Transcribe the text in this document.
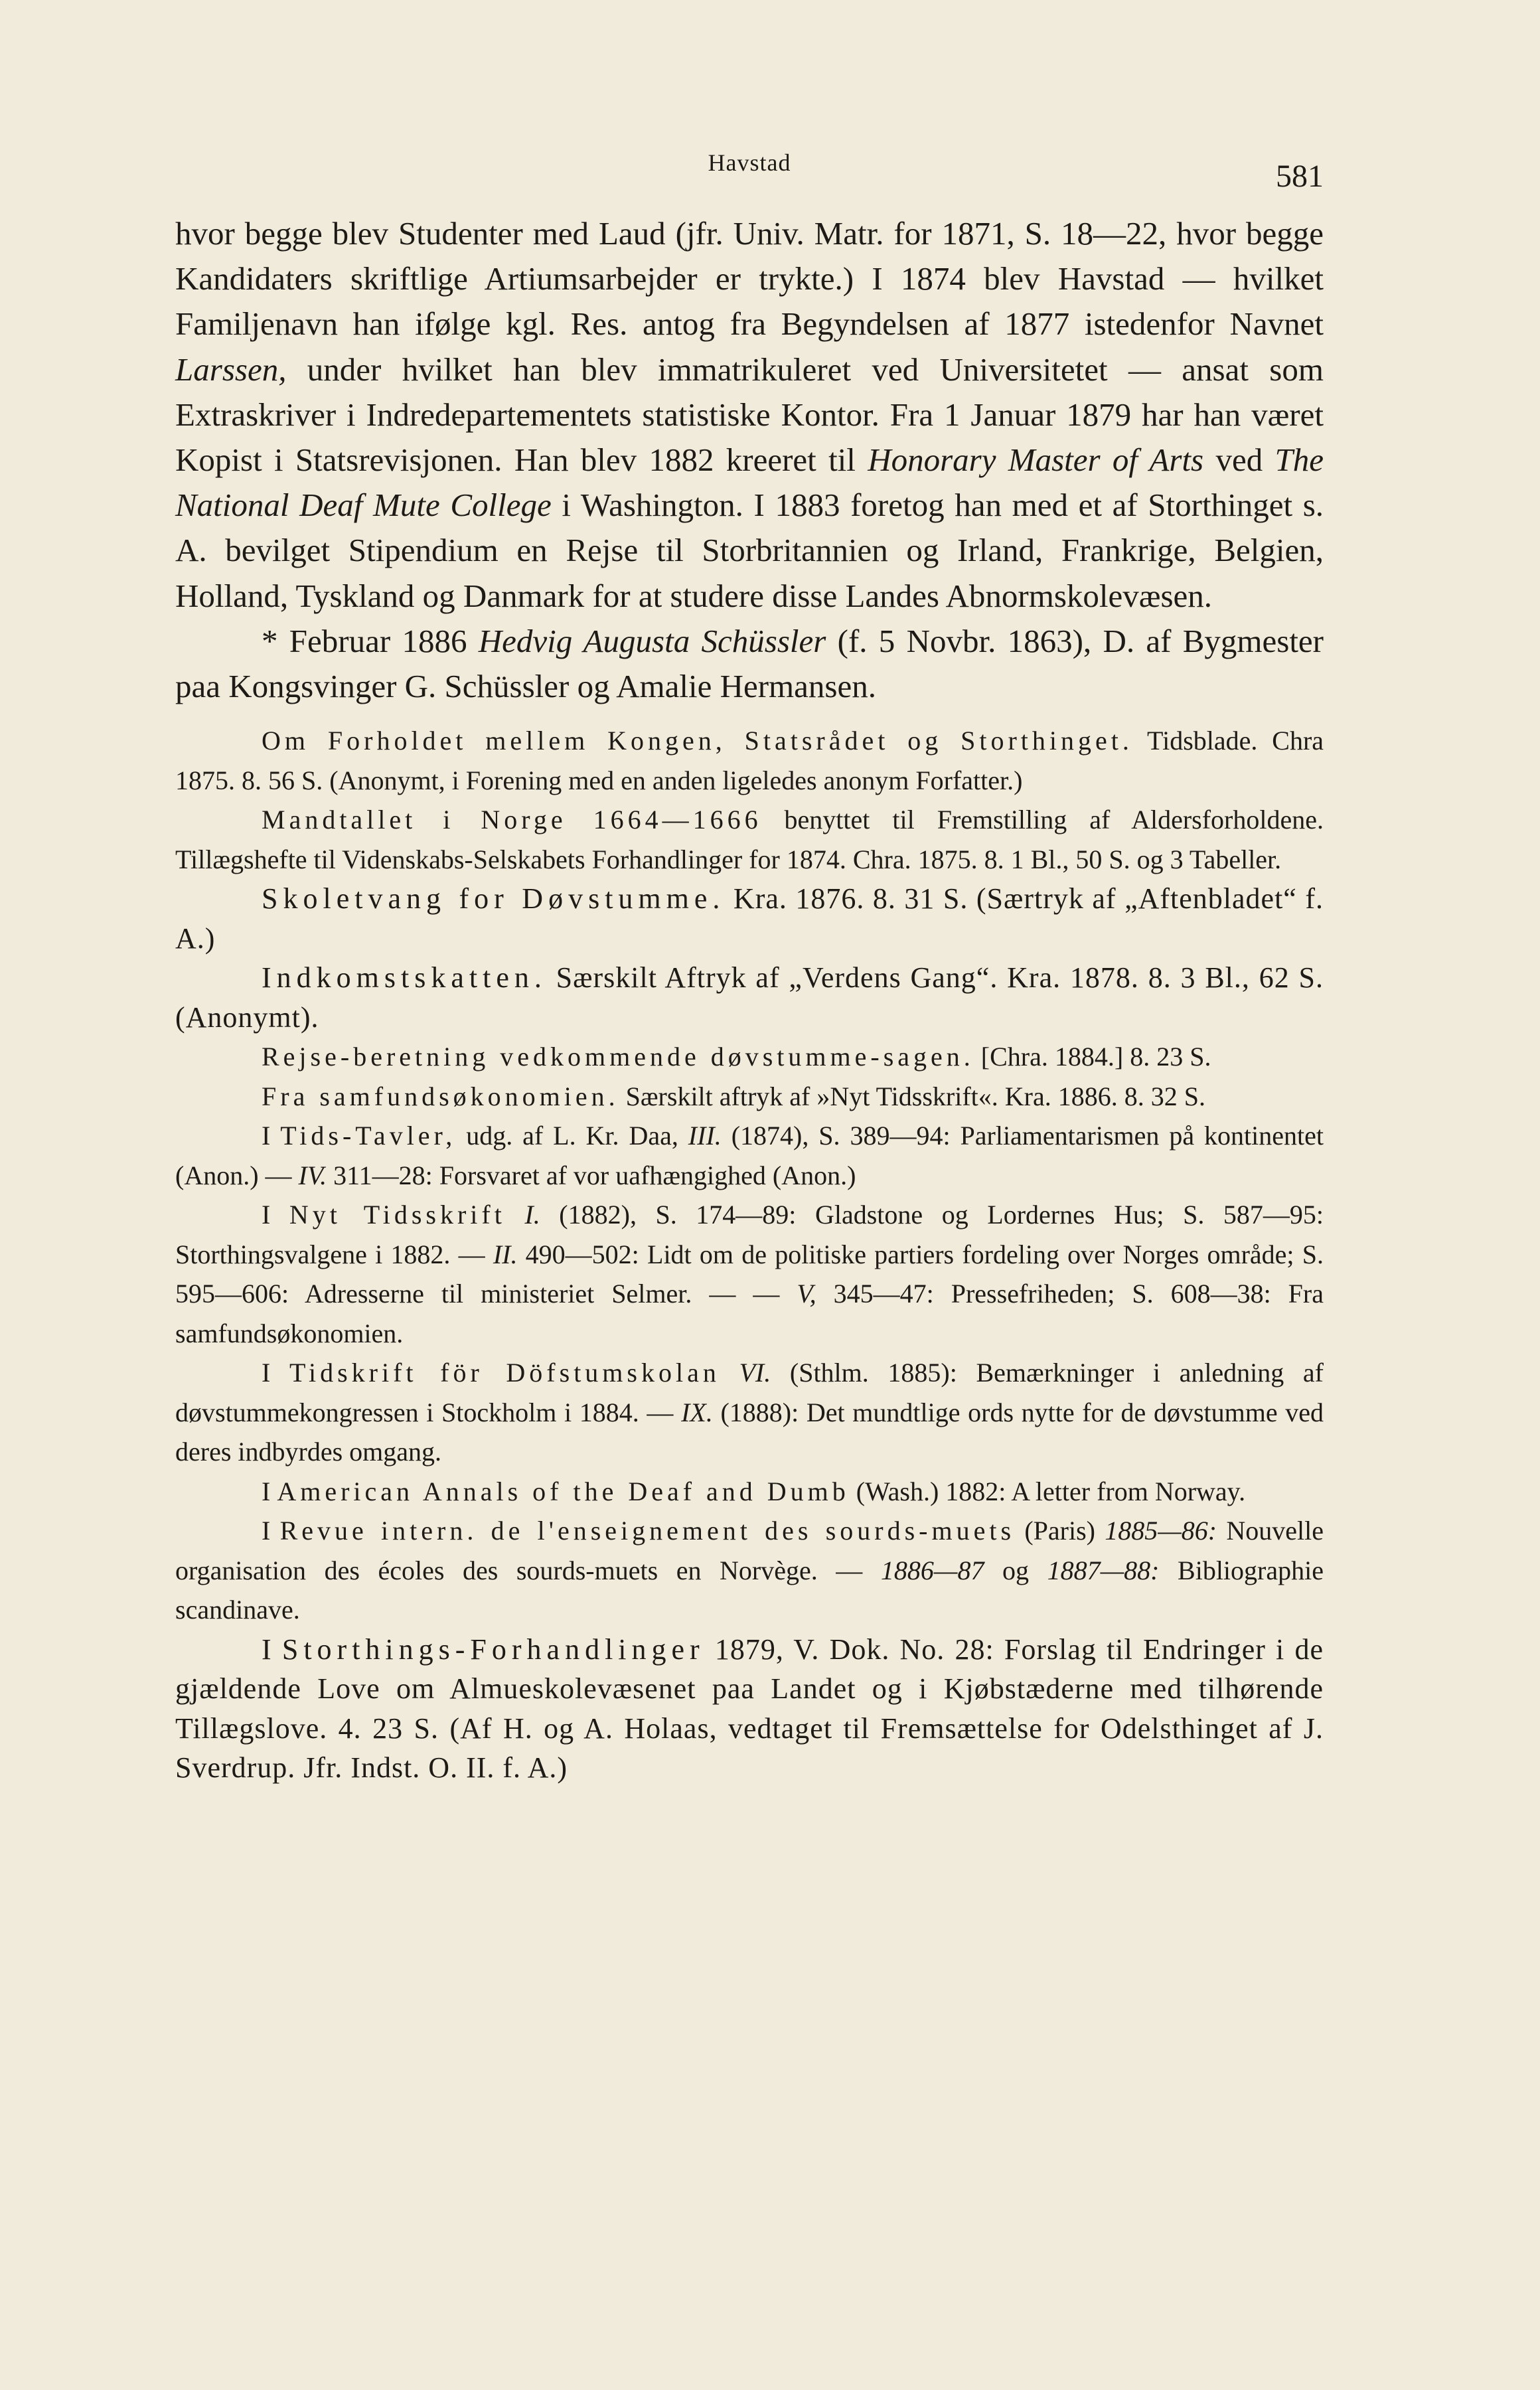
Havstad	581

hvor begge blev Studenter med Laud (jfr. Univ. Matr. for 1871, S. 18—22, hvor begge Kandidaters skriftlige Artiumsarbejder er trykte.) I 1874 blev Havstad — hvilket Familjenavn han ifølge kgl. Res. antog fra Begyndelsen af 1877 istedenfor Navnet Larssen, under hvilket han blev immatrikuleret ved Universitetet — ansat som Extraskriver i Indredepartementets statistiske Kontor. Fra 1 Januar 1879 har han været Kopist i Statsrevisjonen. Han blev 1882 kreeret til Honorary Master of Arts ved The National Deaf Mute College i Washington. I 1883 foretog han med et af Storthinget s. A. bevilget Stipendium en Rejse til Storbritannien og Irland, Frankrige, Belgien, Holland, Tyskland og Danmark for at studere disse Landes Abnormskolevæsen.

* Februar 1886 Hedvig Augusta Schüssler (f. 5 Novbr. 1863), D. af Bygmester paa Kongsvinger G. Schüssler og Amalie Hermansen.

Om Forholdet mellem Kongen, Statsrådet og Storthinget. Tidsblade. Chra 1875. 8. 56 S. (Anonymt, i Forening med en anden ligeledes anonym Forfatter.)

Mandtallet i Norge 1664—1666 benyttet til Fremstilling af Aldersforholdene. Tillægshefte til Videnskabs-Selskabets Forhandlinger for 1874. Chra. 1875. 8. 1 Bl., 50 S. og 3 Tabeller.

Skoletvang for Døvstumme. Kra. 1876. 8. 31 S. (Særtryk af „Aftenbladet“ f. A.)

Indkomstskatten. Særskilt Aftryk af „Verdens Gang“. Kra. 1878. 8. 3 Bl., 62 S. (Anonymt).

Rejse-beretning vedkommende døvstumme-sagen. [Chra. 1884.] 8. 23 S.

Fra samfundsøkonomien. Særskilt aftryk af »Nyt Tidsskrift«. Kra. 1886. 8. 32 S.

I Tids-Tavler, udg. af L. Kr. Daa, III. (1874), S. 389—94: Parliamentarismen på kontinentet (Anon.) — IV. 311—28: Forsvaret af vor uafhængighed (Anon.)

I Nyt Tidsskrift I. (1882), S. 174—89: Gladstone og Lordernes Hus; S. 587—95: Storthingsvalgene i 1882. — II. 490—502: Lidt om de politiske partiers fordeling over Norges område; S. 595—606: Adresserne til ministeriet Selmer. — — V, 345—47: Pressefriheden; S. 608—38: Fra samfundsøkonomien.

I Tidskrift för Döfstumskolan VI. (Sthlm. 1885): Bemærkninger i anledning af døvstummekongressen i Stockholm i 1884. — IX. (1888): Det mundtlige ords nytte for de døvstumme ved deres indbyrdes omgang.

I American Annals of the Deaf and Dumb (Wash.) 1882: A letter from Norway.

I Revue intern. de l'enseignement des sourds-muets (Paris) 1885—86: Nouvelle organisation des écoles des sourds-muets en Norvège. — 1886—87 og 1887—88: Bibliographie scandinave.

I Storthings-Forhandlinger 1879, V. Dok. No. 28: Forslag til Endringer i de gjældende Love om Almueskolevæsenet paa Landet og i Kjøbstæderne med tilhørende Tillægslove. 4. 23 S. (Af H. og A. Holaas, vedtaget til Fremsættelse for Odelsthinget af J. Sverdrup. Jfr. Indst. O. II. f. A.)
